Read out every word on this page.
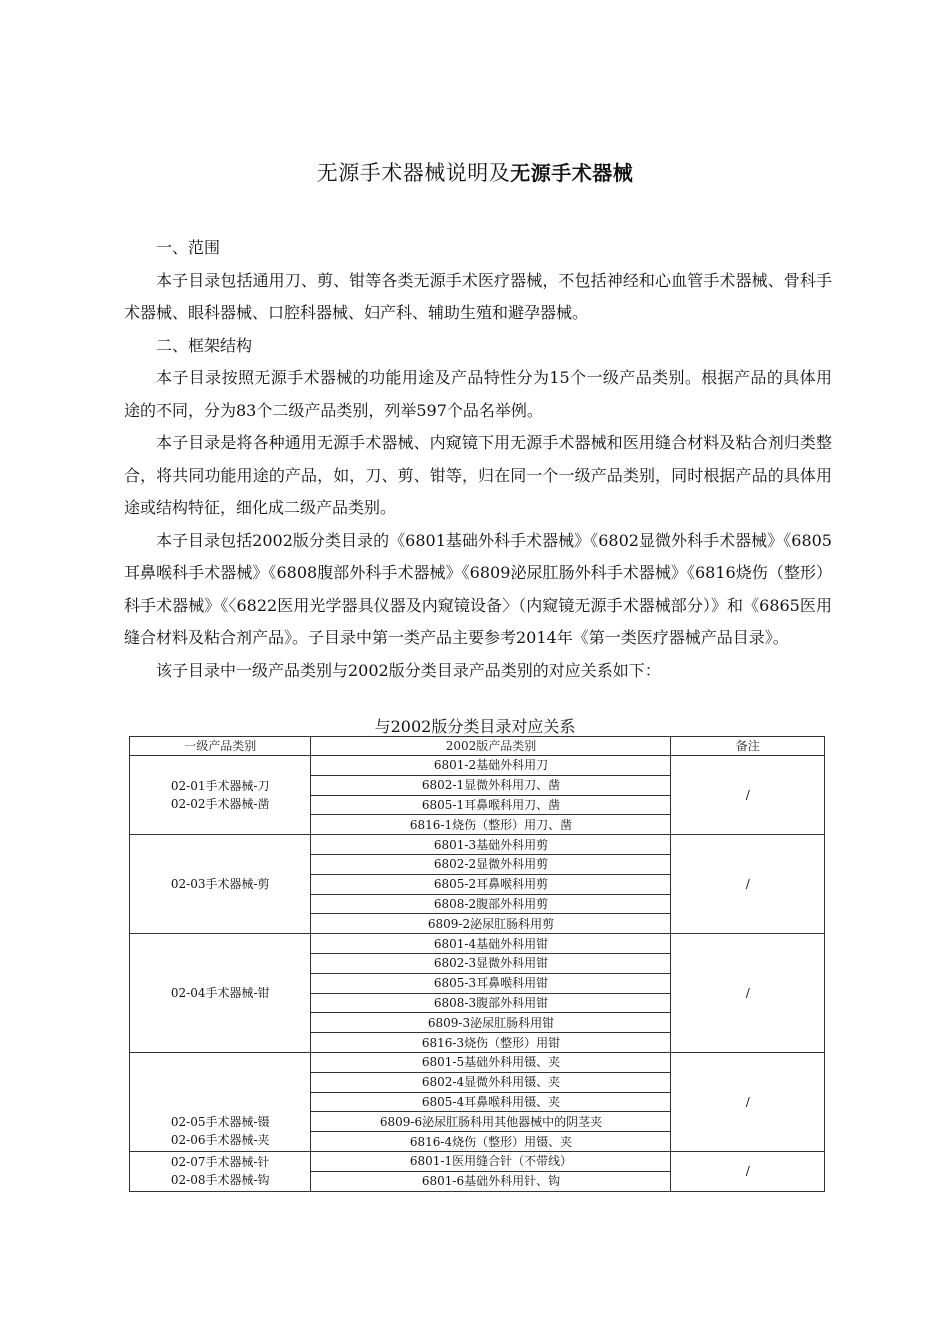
无源手术器械说明及无源手术器械

一、范围

本子目录包括通用刀、剪、钳等各类无源手术医疗器械，不包括神经和心血管手术器械、骨科手术器械、眼科器械、口腔科器械、妇产科、辅助生殖和避孕器械。

二、框架结构

本子目录按照无源手术器械的功能用途及产品特性分为15个一级产品类别。根据产品的具体用途的不同，分为83个二级产品类别，列举597个品名举例。

本子目录是将各种通用无源手术器械、内窥镜下用无源手术器械和医用缝合材料及粘合剂归类整合，将共同功能用途的产品，如，刀、剪、钳等，归在同一个一级产品类别，同时根据产品的具体用途或结构特征，细化成二级产品类别。

本子目录包括2002版分类目录的《6801基础外科手术器械》《6802显微外科手术器械》《6805耳鼻喉科手术器械》《6808腹部外科手术器械》《6809泌尿肛肠外科手术器械》《6816烧伤（整形）科手术器械》《〈6822医用光学器具仪器及内窥镜设备〉（内窥镜无源手术器械部分）》和《6865医用缝合材料及粘合剂产品》。子目录中第一类产品主要参考2014年《第一类医疗器械产品目录》。

该子目录中一级产品类别与2002版分类目录产品类别的对应关系如下：

与2002版分类目录对应关系
一级产品类别	2002版产品类别	备注

02-01手术器械-刀
02-02手术器械-凿	6801-2基础外科用刀	/
	6802-1显微外科用刀、凿	
	6805-1耳鼻喉科用刀、凿	
	6816-1烧伤（整形）用刀、凿	

02-03手术器械-剪	6801-3基础外科用剪	/
	6802-2显微外科用剪	
	6805-2耳鼻喉科用剪	
	6808-2腹部外科用剪	
	6809-2泌尿肛肠科用剪	

02-04手术器械-钳	6801-4基础外科用钳	/
	6802-3显微外科用钳	
	6805-3耳鼻喉科用钳	
	6808-3腹部外科用钳	
	6809-3泌尿肛肠科用钳	
	6816-3烧伤（整形）用钳	

02-05手术器械-镊
02-06手术器械-夹	6801-5基础外科用镊、夹	/
	6802-4显微外科用镊、夹	
	6805-4耳鼻喉科用镊、夹	
	6809-6泌尿肛肠科用其他器械中的阴茎夹	
	6816-4烧伤（整形）用镊、夹	

02-07手术器械-针
02-08手术器械-钩	6801-1医用缝合针（不带线）	/
	6801-6基础外科用针、钩	
